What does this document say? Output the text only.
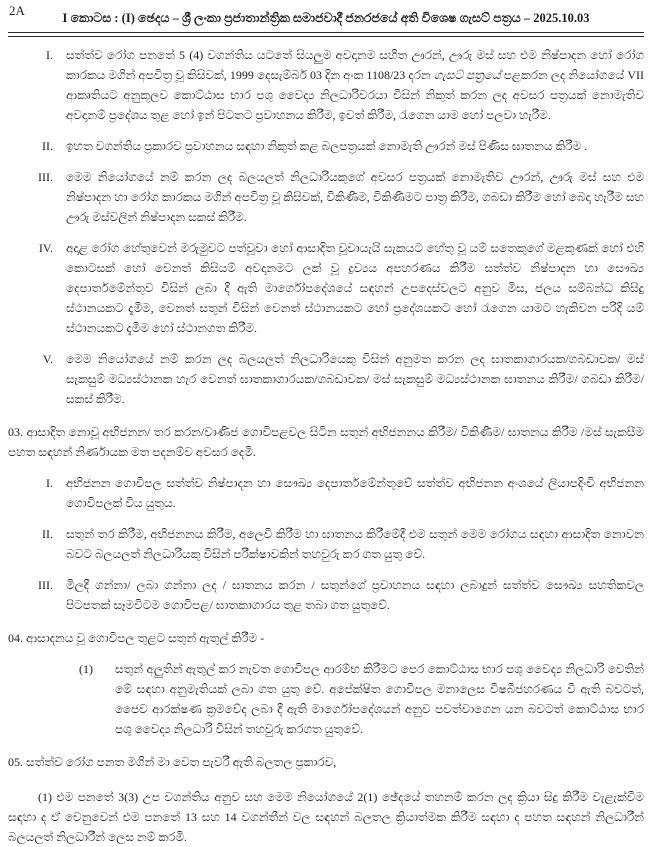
2A	I කොටස : (I) ඡෙදය – ශ්‍රී ලංකා ප්‍රජාතාන්ත්‍රික සමාජවාදී ජනරජයේ අති විශෙෂ ගැසට් පත්‍රය – 2025.10.03
I. සත්ත්ව රෝග පනතේ 5 (4) වගන්තිය යටතේ සියලුම අවදානම සහිත ඌරන්, ඌරු මස් සහ එම නිෂ්පාදන හෝ රෝග කාරකය මගින් අපවිත්‍ර වූ කිසිවක්, 1999 දෙසැම්බර් 03 දින අංක 1108/23 දරන ගැසට් පත්‍රයේ පළකරන ලද නියෝගයේ VII ආකෘතියට අනුකූලව කොට්ඨාස භාර පශු වෛද්‍ය නිලධාරිවරයා විසින් නිකුත් කරන ලද අවසර පත්‍රයක් නොමැතිව අවදානම් ප්‍රදේශය තුළ හෝ ඉන් පිටතට ප්‍රවාහනය කිරීම, ඉවත් කිරීම, රැගෙන යාම හෝ පලවා හැරීම.

II. ඉහත වගන්තිය ප්‍රකාරව ප්‍රවාහනය සඳහා නිකුත් කළ බලපත්‍රයක් නොමැති ඌරන් මස් පිණිස ඝාතනය කිරීම .

III. මෙම නියෝගයේ නම් කරන ලද බලයලත් නිලධාරියකුගේ අවසර පත්‍රයක් නොමැතිව ඌරන්, ඌරු මස් සහ එම නිෂ්පාදන හා රෝග කාරකය මගින් අපවිත්‍ර වූ කිසිවක්, විකිණීම, විකිණීමට පාත්‍ර කිරීම, ගබඩා කිරීම හෝ බෙදා හැරීම සහ ඌරු මස්වලින් නිෂ්පාදන සකස් කිරීම.

IV. අදාළ රෝග හේතුවෙන් මරුමුවට පත්වූවා හෝ ආසාදිත වූවායැයි සැකයට හේතු වූ යම් සතෙකුගේ මළකුණක් හෝ එහි කොටසක් හෝ වෙනත් කිසියම් අවදානමට ලක් වූ ද්‍රව්‍යය අපහරණය කිරීම සත්ත්ව නිෂ්පාදන හා සෞඛ්‍ය දෙපාර්තමේන්තුව විසින් ලබා දී ඇති මාර්ගෝපදේශයේ සඳහන් උපදෙස්වලට අනුව මිස, ජලය සම්බන්ධ කිසිදු ස්ථානයකට දැමීම, වෙනත් සතුන් විසින් වෙනත් ස්ථානයකට හෝ ප්‍රදේශයකට හෝ රැගෙන යාමට හැකිවන පරිදි යම් ස්ථානයකට දැමීම හෝ ස්ථානගත කිරීම.

V. මෙම නියෝගයේ නම් කරන ලද බලයලත් නිලධාරියෙකු විසින් අනුමත කරන ලද ඝාතකාගාරයක/ගබඩාවක/ මස් සැකසුම් මධ්‍යස්ථානක හැර වෙනත් ඝාතකාගාරයක/ගබඩාවක/ මස් සැකසුම් මධ්‍යස්ථානක ඝාතනය කිරීම/ ගබඩා කිරීම/ සකස් කිරීම.

03. ආසාදිත නොවූ අභිජනන/ තර කරන/වාණිජ ගොවිපළවල සිටින සතුන් අභිජනනය කිරීම/ විකිණීම/ ඝාතනය කිරීම /මස් සැකසීම පහත සඳහන් නිර්ණායක මත පදනම්ව අවසර දෙමි.

I. අභිජනන ගොවිපල සත්ත්ව නිෂ්පාදන හා සෞඛ්‍ය දෙපාර්තමේන්තුවේ සත්ත්ව අභිජනන අංශයේ ලියාපදිංචි අභිජනන ගොවිපලක් විය යුතුය.

II. සතුන් තර කිරීම, අභිජනනය කිරීම, අලෙවි කිරීම හා ඝාතනය කිරීමේදී එම සතුන් මෙම රෝගය සඳහා ආසාදිත නොවන බවට බලයලත් නිලධාරියකු විසින් පරීක්ෂාවකින් තහවුරු කර ගත යුතු වේ.

III. මිලදී ගන්නා/ ලබා ගන්නා ලද / ඝාතනය කරන / සතුන්ගේ ප්‍රවාහනය සඳහා ලබාදුන් සත්ත්ව සෞඛ්‍ය සහතිකවල පිටපතක් සෑමවිටම ගොවිපළ/ ඝාතකාගාරය තුළ තබා ගත යුතුවේ.

04. ආසාදනය වූ ගොවිපල තුළට සතුන් ඇතුල් කිරීම -

(1)	සතුන් අලුතින් ඇතුල් කර නැවත ගොවිපල ආරම්භ කිරීමට පෙර කොට්ඨාස භාර පශු වෛද්‍ය නිලධාරි වෙතින් මේ සඳහා අනුමැතියක් ලබා ගත යුතු වේ. අපේක්ෂිත ගොවිපල මනාලෙස විෂබීජහරණය වී ඇති බවටත්, ජෛව ආරක්ෂණ ක්‍රමවේද ලබා දී ඇති මාර්ගෝපදේශයන් අනුව පවත්වාගෙන යන බවටත් කොට්ඨාස භාර පශු වෛද්‍ය නිලධාරි විසින් තහවුරු කරගත යුතුවේ.

05. සත්ත්ව රෝග පනත මගින් මා වෙත පැවරී ඇති බලතල ප්‍රකාරව,

(1) එම පනතේ 3(3) උප වගන්තිය අනුව සහ මෙම නියෝගයේ 2(1) ඡේදයේ තහනම් කරන ලද ක්‍රියා සිදු කිරීම වැළැක්වීම සඳහා ද ඒ වෙනුවෙන් එම පනතේ 13 සහ 14 වගන්තීන් වල සඳහන් බලතල ක්‍රියාත්මක කිරීම සඳහා ද පහත සඳහන් නිලධාරීන් බලයලත් නිලධාරීන් ලෙස නම් කරමි.
